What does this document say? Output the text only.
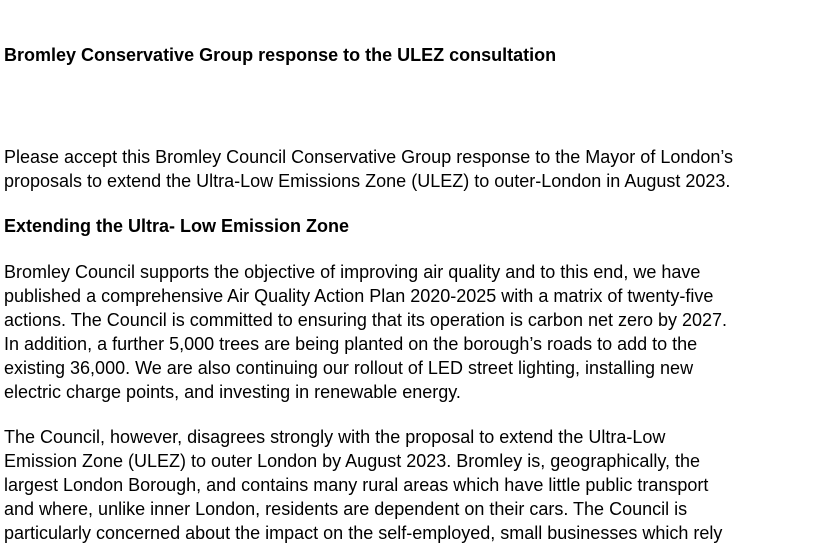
Bromley Conservative Group response to the ULEZ consultation

Please accept this Bromley Council Conservative Group response to the Mayor of London’s
proposals to extend the Ultra-Low Emissions Zone (ULEZ) to outer-London in August 2023.

Extending the Ultra- Low Emission Zone

Bromley Council supports the objective of improving air quality and to this end, we have
published a comprehensive Air Quality Action Plan 2020-2025 with a matrix of twenty-five
actions. The Council is committed to ensuring that its operation is carbon net zero by 2027.
In addition, a further 5,000 trees are being planted on the borough’s roads to add to the
existing 36,000. We are also continuing our rollout of LED street lighting, installing new
electric charge points, and investing in renewable energy.

The Council, however, disagrees strongly with the proposal to extend the Ultra-Low
Emission Zone (ULEZ) to outer London by August 2023. Bromley is, geographically, the
largest London Borough, and contains many rural areas which have little public transport
and where, unlike inner London, residents are dependent on their cars. The Council is
particularly concerned about the impact on the self-employed, small businesses which rely
